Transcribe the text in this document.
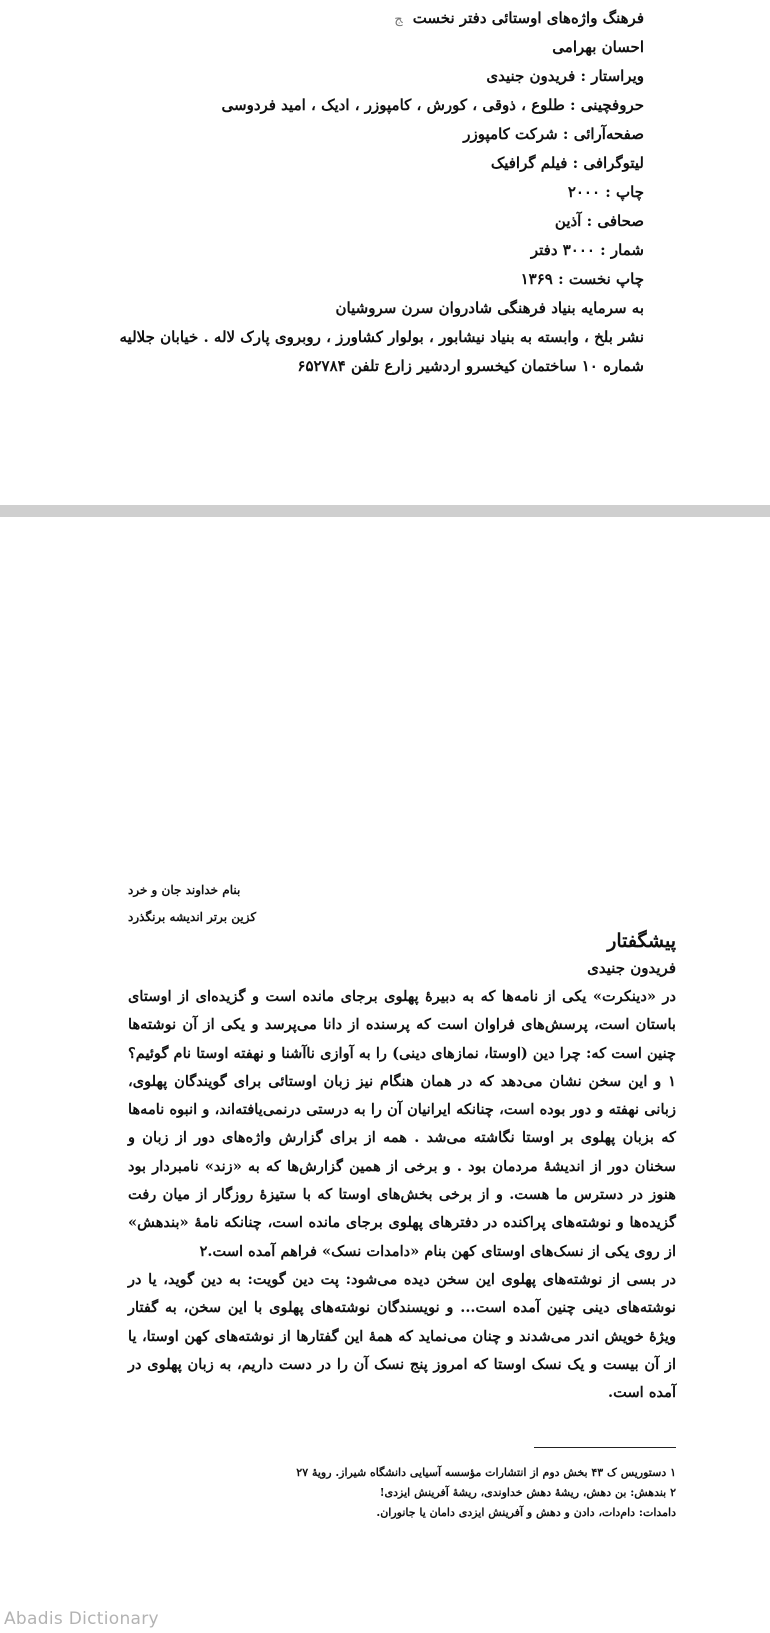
فرهنگ واژه‌های اوستائی دفتر نخستﺞ
احسان بهرامی
ویراستار : فریدون جنیدی
حروفچینی : طلوع ، ذوقی ، کورش ، کامپوزر ، ادیک ، امید فردوسی
صفحه‌آرائی : شرکت کامپوزر
لیتوگرافی : فیلم گرافیک
چاپ : ۲۰۰۰
صحافی : آذین
شمار : ۳۰۰۰ دفتر
چاپ نخست : ۱۳۶۹
به سرمایه بنیاد فرهنگی شادروان سرن سروشیان
نشر بلخ ، وابسته به بنیاد نیشابور ، بولوار کشاورز ، روبروی پارک لاله . خیابان جلالیه
شماره ۱۰ ساختمان کیخسرو اردشیر زارع تلفن ۶۵۲۷۸۴
بنام خداوند جان و خرد
کزین برتر اندیشه برنگذرد
پیشگفتار
فریدون جنیدی
در «دینکرت» یکی از نامه‌ها که به دبیرهٔ پهلوی برجای مانده است و گزیده‌ای از اوستای باستان است، پرسش‌های فراوان است که پرسنده از دانا می‌پرسد و یکی از آن نوشته‌ها چنین است که: چرا دین (اوستا، نمازهای دینی) را به آوازی ناآشنا و نهفته اوستا نام گوئیم؟ ۱ و این سخن نشان می‌دهد که در همان هنگام نیز زبان اوستائی برای گویندگان پهلوی، زبانی نهفته و دور بوده است، چنانکه ایرانیان آن را به درستی درنمی‌یافته‌اند، و انبوه نامه‌ها که بزبان پهلوی بر اوستا نگاشته می‌شد . همه از برای گزارش واژه‌های دور از زبان و سخنان دور از اندیشهٔ مردمان بود . و برخی از همین گزارش‌ها که به «زند» نامبردار بود هنوز در دسترس ما هست. و از برخی بخش‌های اوستا که با ستیزهٔ روزگار از میان رفت گزیده‌ها و نوشته‌های پراکنده در دفترهای پهلوی برجای مانده است، چنانکه نامهٔ «بندهش» از روی یکی از نسک‌های اوستای کهن بنام «دامدات نسک» فراهم آمده است.۲
در بسی از نوشته‌های پهلوی این سخن دیده می‌شود: پت دین گویت: به دین گوید، یا در نوشته‌های دینی چنین آمده است... و نویسندگان نوشته‌های پهلوی با این سخن، به گفتار ویژهٔ خویش اندر می‌شدند و چنان می‌نماید که همهٔ این گفتارها از نوشته‌های کهن اوستا، یا از آن بیست و یک نسک اوستا که امروز پنج نسک آن را در دست داریم، به زبان پهلوی در آمده است.
۱ دستوریس ک ۴۳ بخش دوم از انتشارات مؤسسه آسیایی دانشگاه شیراز. رویهٔ ۲۷
۲ بندهش: بن دهش، ریشهٔ دهش خداوندی، ریشهٔ آفرینش ایزدی!
دامدات: دام‌دات، دادن و دهش و آفرینش ایزدی دامان یا جانوران.
Abadis Dictionary
